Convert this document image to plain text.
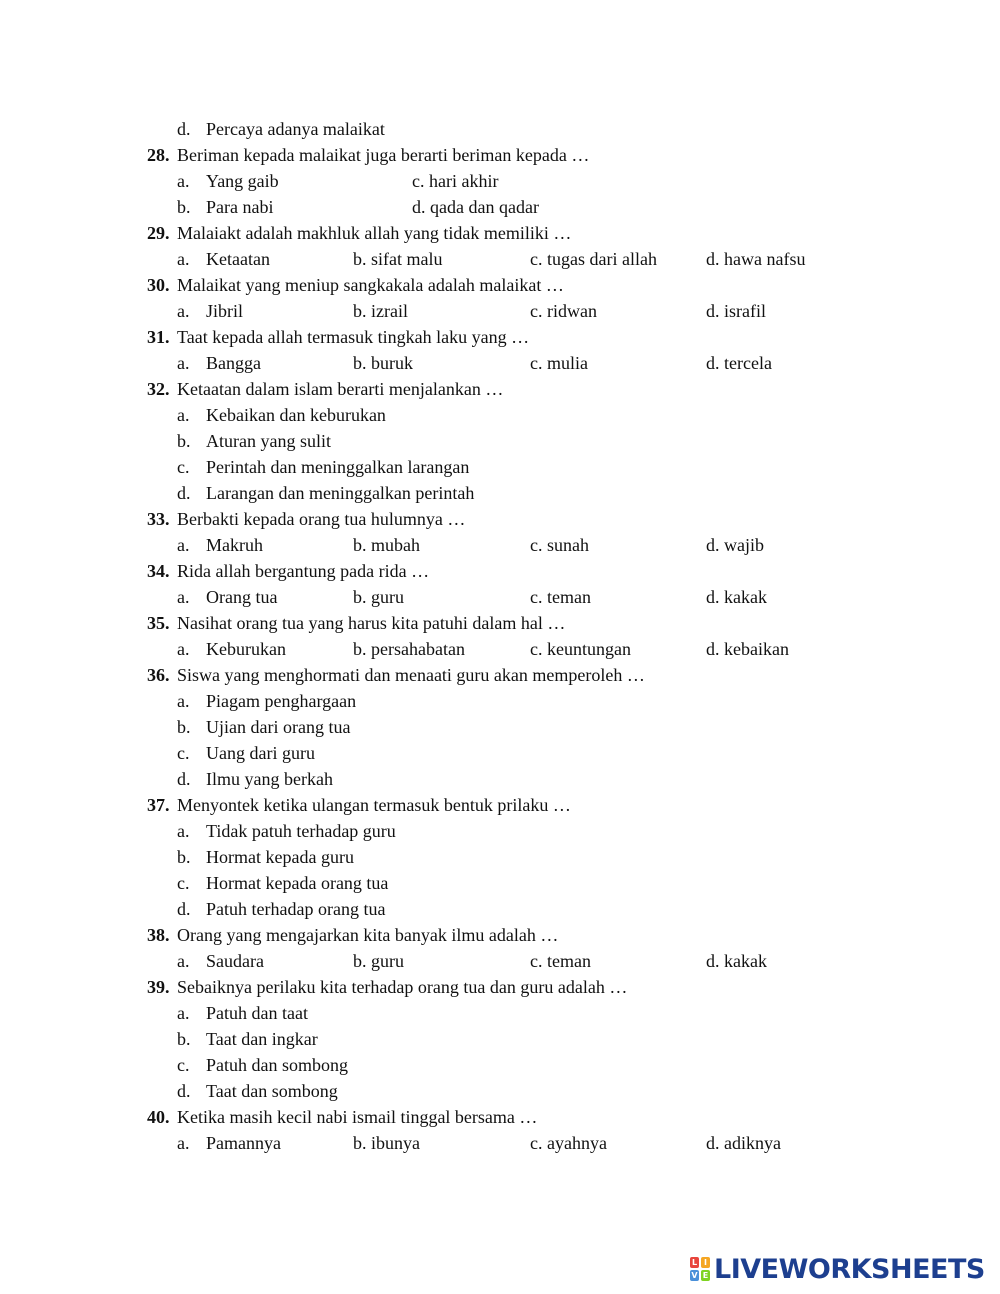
d. Percaya adanya malaikat
28. Beriman kepada malaikat juga berarti beriman kepada …
a. Yang gaib	c. hari akhir
b. Para nabi	d. qada dan qadar
29. Malaiakt adalah makhluk allah yang tidak memiliki …
a. Ketaatan	b. sifat malu	c. tugas dari allah	d. hawa nafsu
30. Malaikat yang meniup sangkakala adalah malaikat …
a. Jibril	b. izrail	c. ridwan	d. israfil
31. Taat kepada allah termasuk tingkah laku yang …
a. Bangga	b. buruk	c. mulia	d. tercela
32. Ketaatan dalam islam berarti menjalankan …
a. Kebaikan dan keburukan
b. Aturan yang sulit
c. Perintah dan meninggalkan larangan
d. Larangan dan meninggalkan perintah
33. Berbakti kepada orang tua hulumnya …
a. Makruh	b. mubah	c. sunah	d. wajib
34. Rida allah bergantung pada rida …
a. Orang tua	b. guru	c. teman	d. kakak
35. Nasihat orang tua yang harus kita patuhi dalam hal …
a. Keburukan	b. persahabatan	c. keuntungan	d. kebaikan
36. Siswa yang menghormati dan menaati guru akan memperoleh …
a. Piagam penghargaan
b. Ujian dari orang tua
c. Uang dari guru
d. Ilmu yang berkah
37. Menyontek ketika ulangan termasuk bentuk prilaku …
a. Tidak patuh terhadap guru
b. Hormat kepada guru
c. Hormat kepada orang tua
d. Patuh terhadap orang tua
38. Orang yang mengajarkan kita banyak ilmu adalah …
a. Saudara	b. guru	c. teman	d. kakak
39. Sebaiknya perilaku kita terhadap orang tua dan guru adalah …
a. Patuh dan taat
b. Taat dan ingkar
c. Patuh dan sombong
d. Taat dan sombong
40. Ketika masih kecil nabi ismail tinggal bersama …
a. Pamannya	b. ibunya	c. ayahnya	d. adiknya
L I
V E LIVEWORKSHEETS
